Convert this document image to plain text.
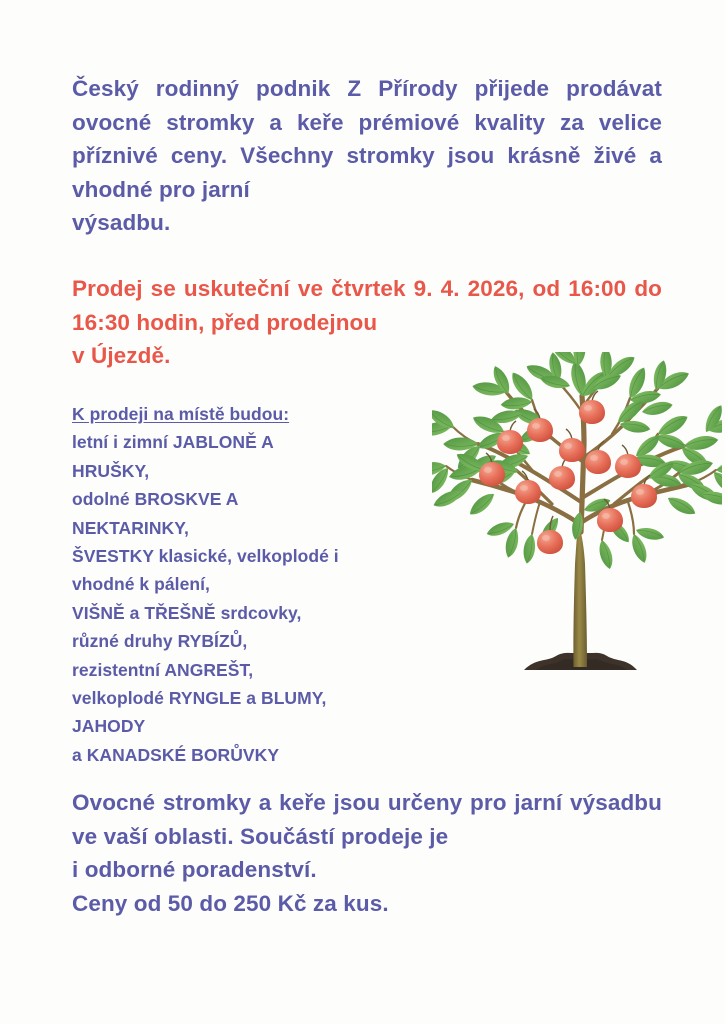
Český rodinný podnik Z Přírody přijede prodávat ovocné stromky a keře prémiové kvality za velice příznivé ceny. Všechny stromky jsou krásně živé a vhodné pro jarní
výsadbu.
Prodej se uskuteční ve čtvrtek 9. 4. 2026, od 16:00 do 16:30 hodin, před prodejnou
v Újezdě.
K prodeji na místě budou:
letní i zimní JABLONĚ A
HRUŠKY,
odolné BROSKVE A
NEKTARINKY,
ŠVESTKY klasické, velkoplodé i
vhodné k pálení,
VIŠNĚ a TŘEŠNĚ srdcovky,
různé druhy RYBÍZŮ,
rezistentní ANGREŠT,
velkoplodé RYNGLE a BLUMY,
JAHODY
a KANADSKÉ BORŮVKY
Ovocné stromky a keře jsou určeny pro jarní výsadbu ve vaší oblasti. Součástí prodeje je
i odborné poradenství.
Ceny od 50 do 250 Kč za kus.
